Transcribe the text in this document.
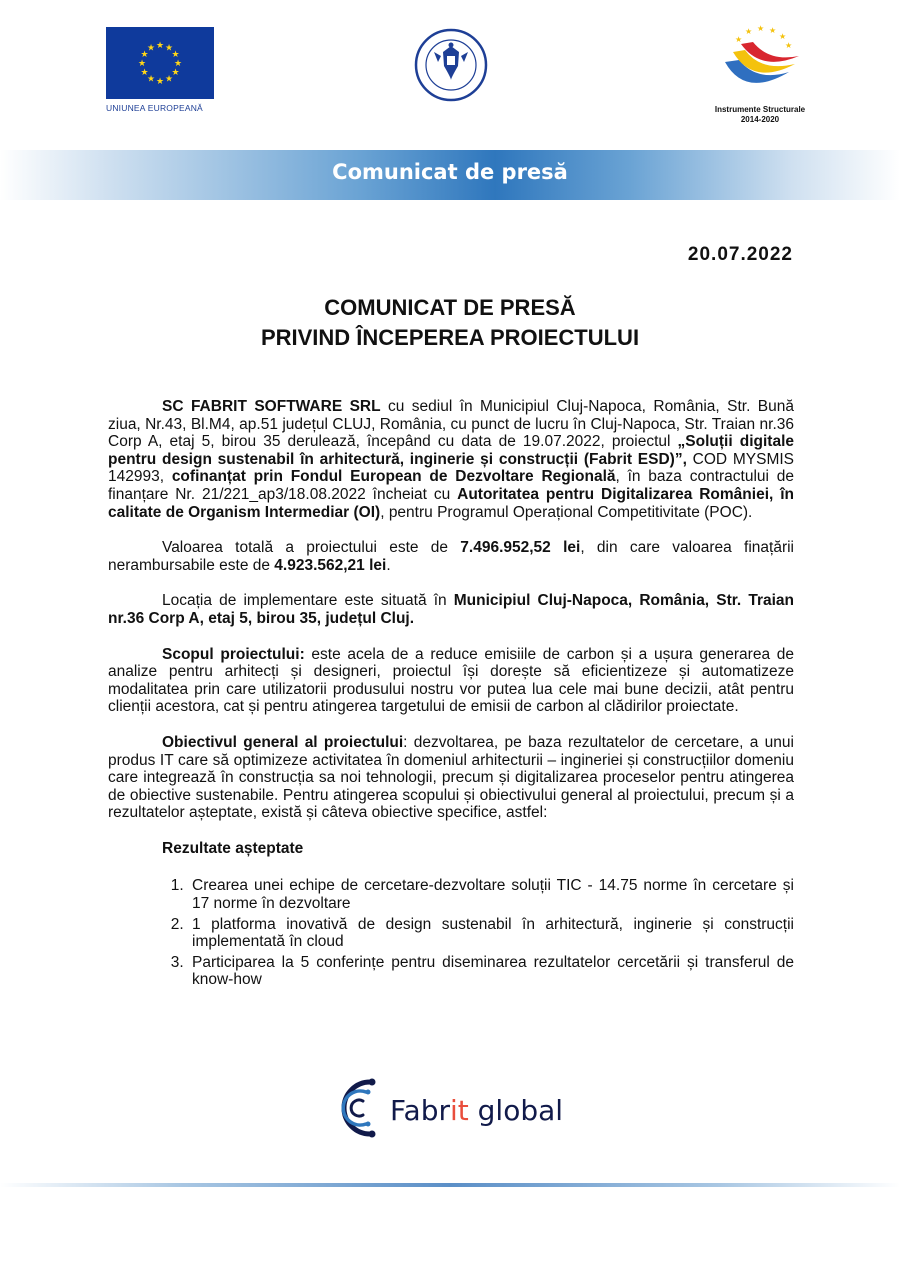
★ ★
★
★
★
★
★
★
★
★
★
★
UNIUNEA EUROPEANĂ
★ ★ ★
★
★
★
Instrumente Structurale
2014-2020
Comunicat de presă
20.07.2022
COMUNICAT DE PRESĂ
PRIVIND ÎNCEPEREA PROIECTULUI

SC FABRIT SOFTWARE SRL cu sediul în Municipiul Cluj-Napoca, România, Str. Bună ziua, Nr.43, Bl.M4, ap.51 județul CLUJ, România, cu punct de lucru în Cluj-Napoca, Str. Traian nr.36 Corp A, etaj 5, birou 35 derulează, începând cu data de 19.07.2022, proiectul „Soluții digitale pentru design sustenabil în arhitectură, inginerie și construcții (Fabrit ESD)”, COD MYSMIS 142993, cofinanțat prin Fondul European de Dezvoltare Regională, în baza contractului de finanțare Nr. 21/221_ap3/18.08.2022 încheiat cu Autoritatea pentru Digitalizarea României, în calitate de Organism Intermediar (OI), pentru Programul Operațional Competitivitate (POC).

Valoarea totală a proiectului este de 7.496.952,52 lei, din care valoarea finațării nerambursabile este de 4.923.562,21 lei.

Locația de implementare este situată în Municipiul Cluj-Napoca, România, Str. Traian nr.36 Corp A, etaj 5, birou 35, județul Cluj.

Scopul proiectului: este acela de a reduce emisiile de carbon și a ușura generarea de analize pentru arhitecți și designeri, proiectul își dorește să eficientizeze și automatizeze modalitatea prin care utilizatorii produsului nostru vor putea lua cele mai bune decizii, atât pentru clienții acestora, cat și pentru atingerea targetului de emisii de carbon al clădirilor proiectate.

Obiectivul general al proiectului: dezvoltarea, pe baza rezultatelor de cercetare, a unui produs IT care să optimizeze activitatea în domeniul arhitecturii – ingineriei și construcțiilor domeniu care integrează în construcția sa noi tehnologii, precum și digitalizarea proceselor pentru atingerea de obiective sustenabile. Pentru atingerea scopului și obiectivului general al proiectului, precum și a rezultatelor așteptate, există și câteva obiective specifice, astfel:

Rezultate așteptate

1. Crearea unei echipe de cercetare-dezvoltare soluții TIC - 14.75 norme în cercetare și 17 norme în dezvoltare
2. 1 platforma inovativă de design sustenabil în arhitectură, inginerie și construcții implementată în cloud
3. Participarea la 5 conferințe pentru diseminarea rezultatelor cercetării și transferul de know-how
Fabrit global
